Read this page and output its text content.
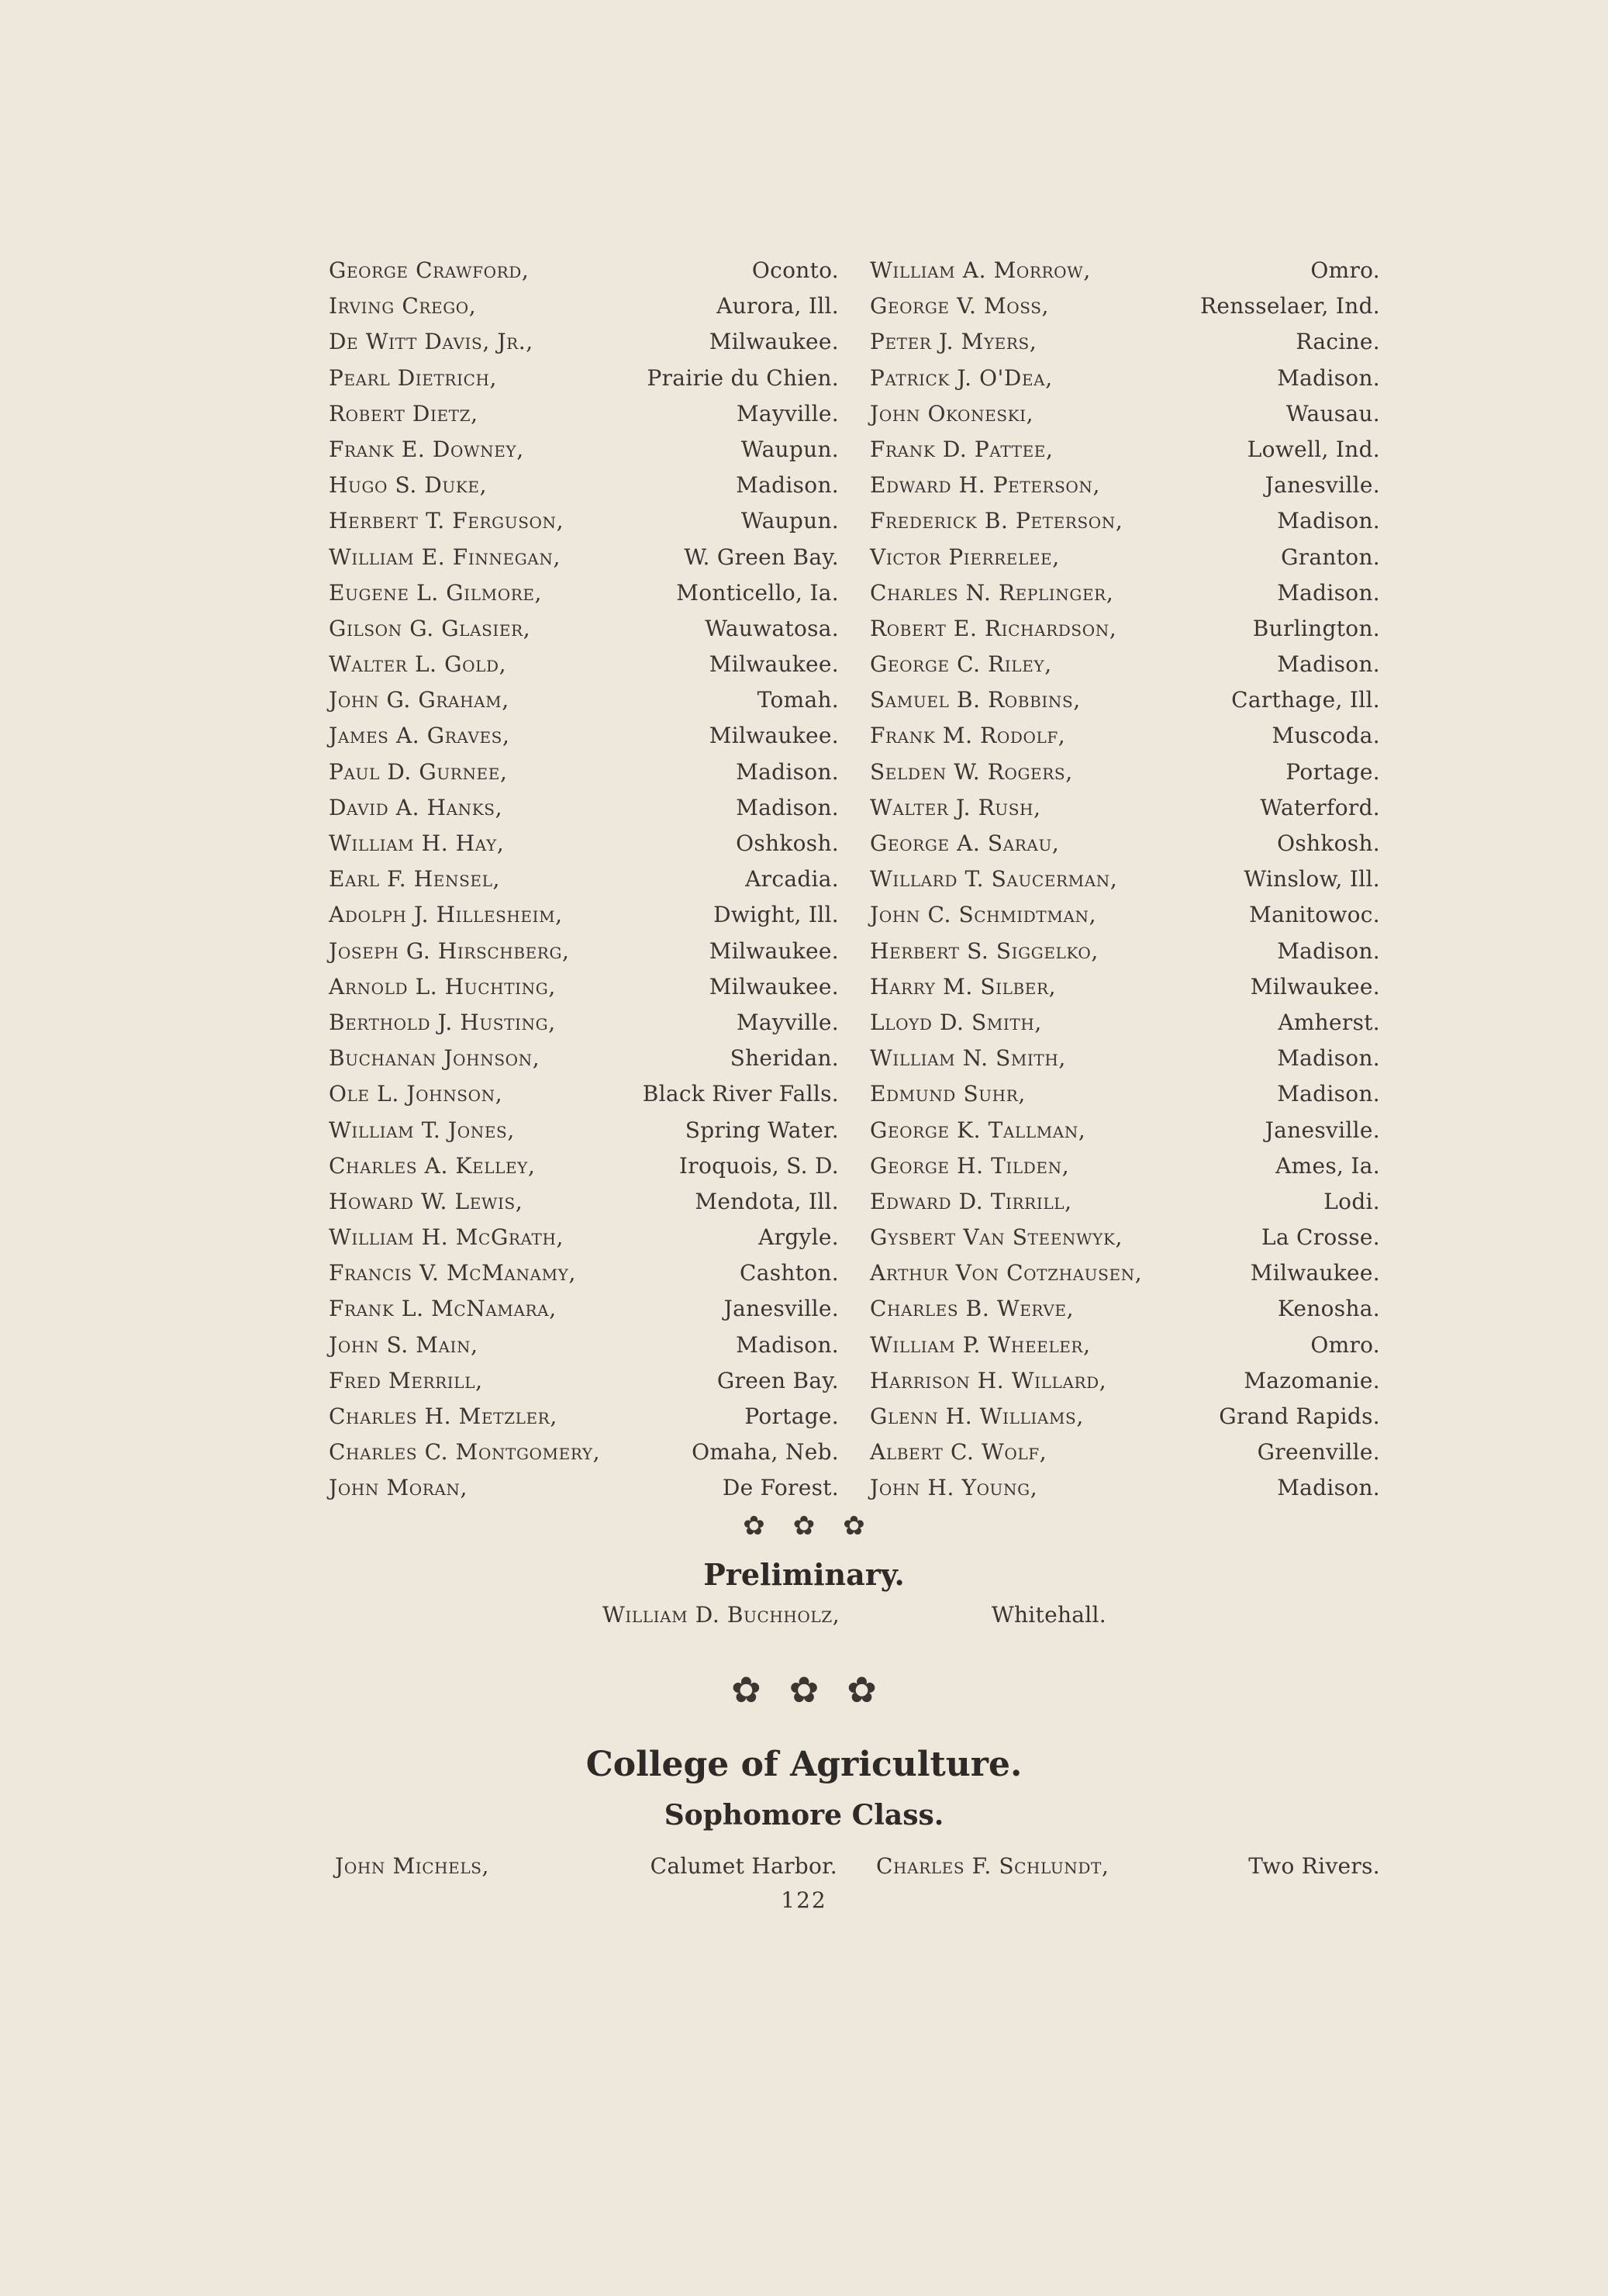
George Crawford,	Oconto.
Irving Crego,	Aurora, Ill.
De Witt Davis, Jr.,	Milwaukee.
Pearl Dietrich,	Prairie du Chien.
Robert Dietz,	Mayville.
Frank E. Downey,	Waupun.
Hugo S. Duke,	Madison.
Herbert T. Ferguson,	Waupun.
William E. Finnegan,	W. Green Bay.
Eugene L. Gilmore,	Monticello, Ia.
Gilson G. Glasier,	Wauwatosa.
Walter L. Gold,	Milwaukee.
John G. Graham,	Tomah.
James A. Graves,	Milwaukee.
Paul D. Gurnee,	Madison.
David A. Hanks,	Madison.
William H. Hay,	Oshkosh.
Earl F. Hensel,	Arcadia.
Adolph J. Hillesheim,	Dwight, Ill.
Joseph G. Hirschberg,	Milwaukee.
Arnold L. Huchting,	Milwaukee.
Berthold J. Husting,	Mayville.
Buchanan Johnson,	Sheridan.
Ole L. Johnson,	Black River Falls.
William T. Jones,	Spring Water.
Charles A. Kelley,	Iroquois, S. D.
Howard W. Lewis,	Mendota, Ill.
William H. McGrath,	Argyle.
Francis V. McManamy,	Cashton.
Frank L. McNamara,	Janesville.
John S. Main,	Madison.
Fred Merrill,	Green Bay.
Charles H. Metzler,	Portage.
Charles C. Montgomery,	Omaha, Neb.
John Moran,	De Forest.
William A. Morrow,	Omro.
George V. Moss,	Rensselaer, Ind.
Peter J. Myers,	Racine.
Patrick J. O'Dea,	Madison.
John Okoneski,	Wausau.
Frank D. Pattee,	Lowell, Ind.
Edward H. Peterson,	Janesville.
Frederick B. Peterson,	Madison.
Victor Pierrelee,	Granton.
Charles N. Replinger,	Madison.
Robert E. Richardson,	Burlington.
George C. Riley,	Madison.
Samuel B. Robbins,	Carthage, Ill.
Frank M. Rodolf,	Muscoda.
Selden W. Rogers,	Portage.
Walter J. Rush,	Waterford.
George A. Sarau,	Oshkosh.
Willard T. Saucerman,	Winslow, Ill.
John C. Schmidtman,	Manitowoc.
Herbert S. Siggelko,	Madison.
Harry M. Silber,	Milwaukee.
Lloyd D. Smith,	Amherst.
William N. Smith,	Madison.
Edmund Suhr,	Madison.
George K. Tallman,	Janesville.
George H. Tilden,	Ames, Ia.
Edward D. Tirrill,	Lodi.
Gysbert Van Steenwyk,	La Crosse.
Arthur Von Cotzhausen,	Milwaukee.
Charles B. Werve,	Kenosha.
William P. Wheeler,	Omro.
Harrison H. Willard,	Mazomanie.
Glenn H. Williams,	Grand Rapids.
Albert C. Wolf,	Greenville.
John H. Young,	Madison.
✿ ✿ ✿
Preliminary.
William D. Buchholz,	Whitehall.
✿ ✿ ✿
College of Agriculture.
Sophomore Class.
John Michels,	Calumet Harbor. Charles F. Schlundt,	Two Rivers.
122
